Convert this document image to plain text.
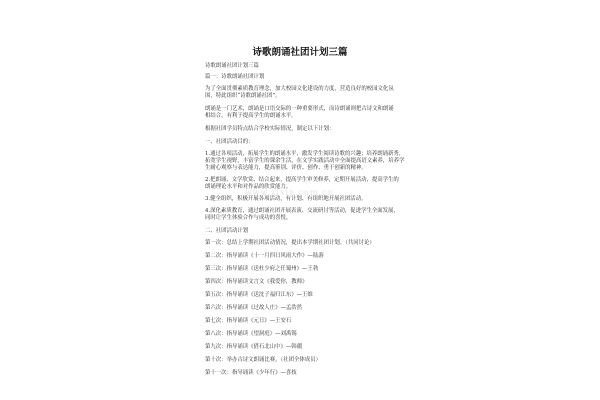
诗歌朗诵社团计划三篇
诗歌朗诵社团计划三篇
篇一：诗歌朗诵社团计划
为了全面贯彻素质教育理念，加大校园文化建设的力度，营造良好的校园文化氛
围，特此组织“诗歌朗诵社团”。
朗诵是一门艺术，朗诵是口语交际的一种重要形式，而诗朗诵则把古诗文和朗诵
相结合，有利于提高学生的朗诵水平。
根据社团学员特点结合学校实际情况，制定以下计划：
一、社团活动目的：
1.通过各项活动，拓展学生的朗诵水平，激发学生阅读诗歌的兴趣；培养朗诵新秀，
拓宽学生视野，丰富学生的课余生活，在文学实践活动中全面提高语文素养，培养学
生耐心观察与表达能力，提高鉴别、评价、创作、勇于创新的精神。
2.把朗诵、文学欣赏、结合起来，提高学生审美修养，定期开展活动，提高学生的
朗诵理论水平和对作品的欣赏能力。
3.健全组织，积极开展各项活动，有计划、有组织地开展社团活动。
4.深化素质教育，通过朗诵社团开展表演、交流研讨等活动，促进学生全面发展，
同时让学生体验合作与成功的喜悦。
二、社团活动计划
第一次：总结上学期社团活动情况，提出本学期社团计划。（共同讨论）
第二次：指导诵读《十一月四日风雨大作》—陆游
第三次：指导诵读《送杜少府之任蜀州》—王勃
第四次：指导诵读文言文《我爱你，教师》
第五次：指导诵读《送沈子福归江东》—王维
第六次：指导诵读《过故人庄》—孟浩然
第七次：指导诵读《元日》—王安石
第八次：指导诵读《望洞庭》—刘禹锡
第九次：指导诵读《借石北山中》—韩疆
第十次：举办古诗文朗诵比赛。（社团全体成员）
第十一次：指导诵读《少年行》—喜枝
www.zixin.com.cn
